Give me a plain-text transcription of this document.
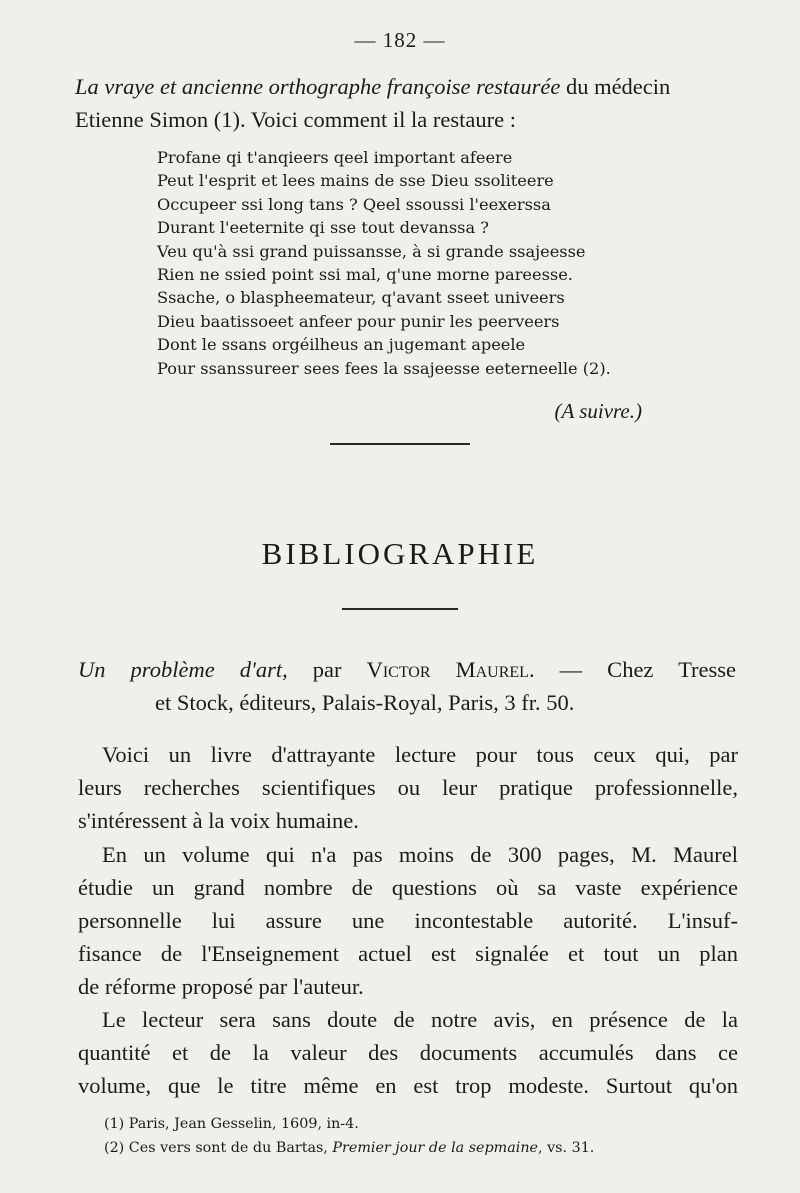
— 182 —
La vraye et ancienne orthographe françoise restaurée du médecin
Etienne Simon (1). Voici comment il la restaure :
Profane qi t'anqieers qeel important afeere
Peut l'esprit et lees mains de sse Dieu ssoliteere
Occupeer ssi long tans ? Qeel ssoussi l'eexerssa
Durant l'eeternite qi sse tout devanssa ?
Veu qu'à ssi grand puissansse, à si grande ssajeesse
Rien ne ssied point ssi mal, q'une morne pareesse.
Ssache, o blaspheemateur, q'avant sseet univeers
Dieu baatissoeet anfeer pour punir les peerveers
Dont le ssans orgéilheus an jugemant apeele
Pour ssanssureer sees fees la ssajeesse eeterneelle (2).
(A suivre.)
BIBLIOGRAPHIE
Un problème d'art, par Victor Maurel. — Chez Tresse
et Stock, éditeurs, Palais-Royal, Paris, 3 fr. 50.
Voici un livre d'attrayante lecture pour tous ceux qui, par
leurs recherches scientifiques ou leur pratique professionnelle,
s'intéressent à la voix humaine.
En un volume qui n'a pas moins de 300 pages, M. Maurel
étudie un grand nombre de questions où sa vaste expérience
personnelle lui assure une incontestable autorité. L'insuf-
fisance de l'Enseignement actuel est signalée et tout un plan
de réforme proposé par l'auteur.
Le lecteur sera sans doute de notre avis, en présence de la
quantité et de la valeur des documents accumulés dans ce
volume, que le titre même en est trop modeste. Surtout qu'on
(1) Paris, Jean Gesselin, 1609, in-4.
(2) Ces vers sont de du Bartas, Premier jour de la sepmaine, vs. 31.
